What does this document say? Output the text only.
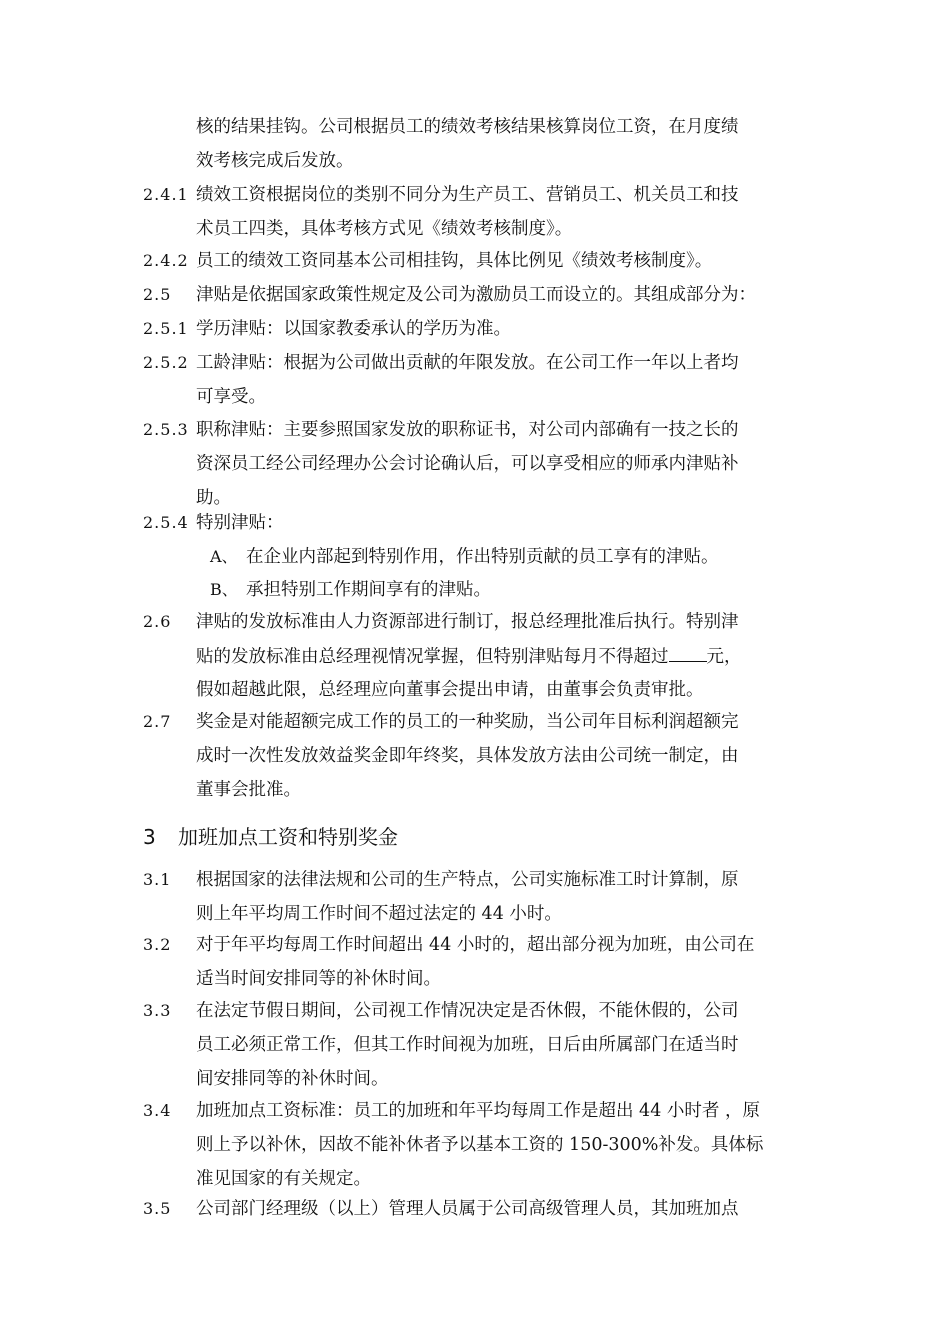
核的结果挂钩。公司根据员工的绩效考核结果核算岗位工资，在月度绩
效考核完成后发放。
2.4.1 绩效工资根据岗位的类别不同分为生产员工、营销员工、机关员工和技
术员工四类，具体考核方式见《绩效考核制度》。
2.4.2 员工的绩效工资同基本公司相挂钩，具体比例见《绩效考核制度》。
2.5 津贴是依据国家政策性规定及公司为激励员工而设立的。其组成部分为：
2.5.1 学历津贴：以国家教委承认的学历为准。
2.5.2 工龄津贴：根据为公司做出贡献的年限发放。在公司工作一年以上者均
可享受。
2.5.3 职称津贴：主要参照国家发放的职称证书，对公司内部确有一技之长的
资深员工经公司经理办公会讨论确认后，可以享受相应的师承内津贴补
助。
2.5.4 特别津贴：
A、 在企业内部起到特别作用，作出特别贡献的员工享有的津贴。
B、 承担特别工作期间享有的津贴。
2.6 津贴的发放标准由人力资源部进行制订，报总经理批准后执行。特别津
贴的发放标准由总经理视情况掌握，但特别津贴每月不得超过 元，
假如超越此限，总经理应向董事会提出申请，由董事会负责审批。
2.7 奖金是对能超额完成工作的员工的一种奖励，当公司年目标利润超额完
成时一次性发放效益奖金即年终奖，具体发放方法由公司统一制定，由
董事会批准。
3 加班加点工资和特别奖金
3.1 根据国家的法律法规和公司的生产特点，公司实施标准工时计算制，原
则上年平均周工作时间不超过法定的 44 小时。
3.2 对于年平均每周工作时间超出 44 小时的，超出部分视为加班，由公司在
适当时间安排同等的补休时间。
3.3 在法定节假日期间，公司视工作情况决定是否休假，不能休假的，公司
员工必须正常工作，但其工作时间视为加班，日后由所属部门在适当时
间安排同等的补休时间。
3.4 加班加点工资标准：员工的加班和年平均每周工作是超出 44 小时者 ，原
则上予以补休，因故不能补休者予以基本工资的 150-300%补发。具体标
准见国家的有关规定。
3.5 公司部门经理级（以上）管理人员属于公司高级管理人员，其加班加点
